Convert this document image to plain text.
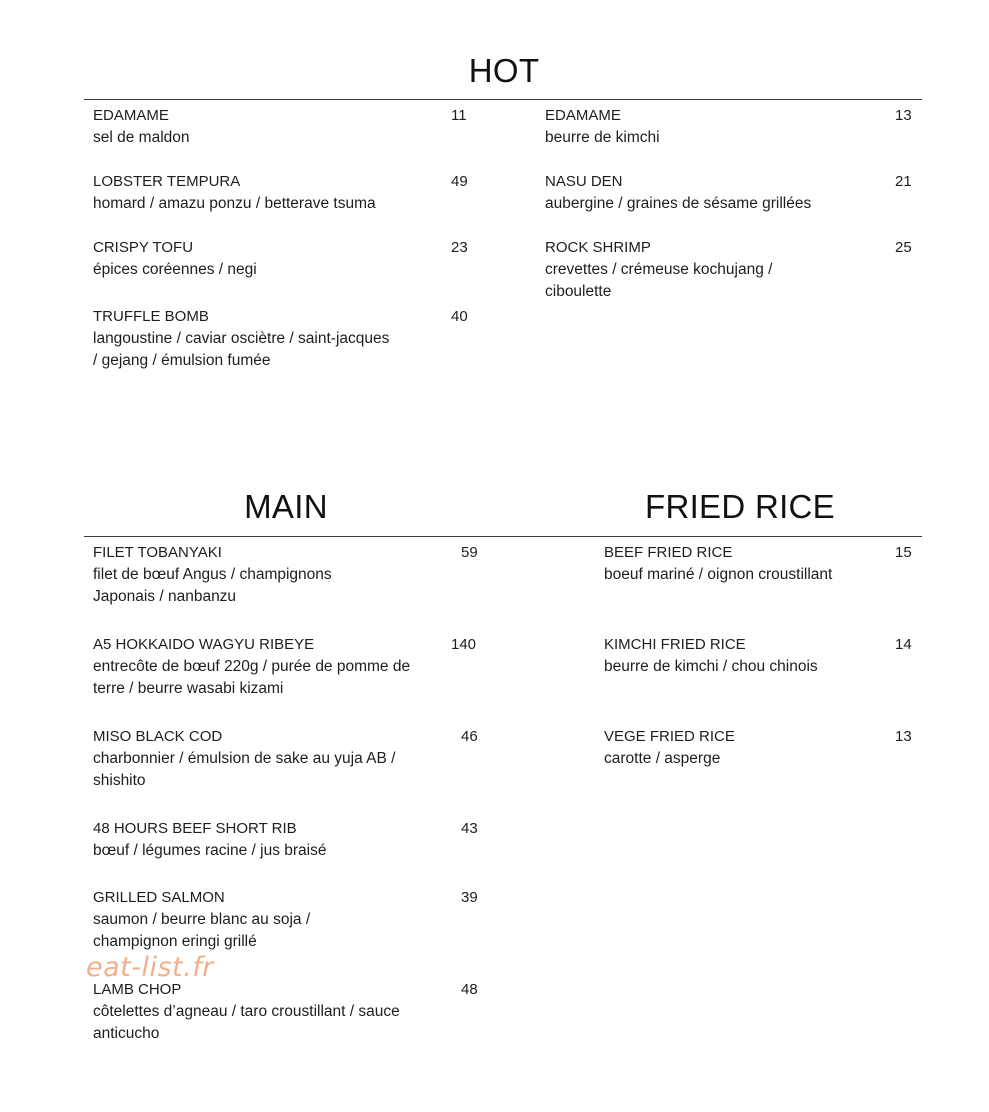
HOT
EDAMAME
sel de maldon
11
LOBSTER TEMPURA
homard / amazu ponzu / betterave tsuma
49
CRISPY TOFU
épices coréennes / negi
23
TRUFFLE BOMB
langoustine / caviar osciètre / saint-jacques / gejang / émulsion fumée
40
EDAMAME
beurre de kimchi
13
NASU DEN
aubergine / graines de sésame grillées
21
ROCK SHRIMP
crevettes / crémeuse kochujang / ciboulette
25
MAIN	FRIED RICE
FILET TOBANYAKI
filet de bœuf Angus / champignons Japonais / nanbanzu
59
A5 HOKKAIDO WAGYU RIBEYE
entrecôte de bœuf 220g / purée de pomme de terre / beurre wasabi kizami
140
MISO BLACK COD
charbonnier / émulsion de sake au yuja AB / shishito
46
48 HOURS BEEF SHORT RIB
bœuf / légumes racine / jus braisé
43
GRILLED SALMON
saumon / beurre blanc au soja / champignon eringi grillé
39
LAMB CHOP
côtelettes d’agneau / taro croustillant / sauce anticucho
48
BEEF FRIED RICE
boeuf mariné / oignon croustillant
15
KIMCHI FRIED RICE
beurre de kimchi / chou chinois
14
VEGE FRIED RICE
carotte / asperge
13
eat-list.fr
